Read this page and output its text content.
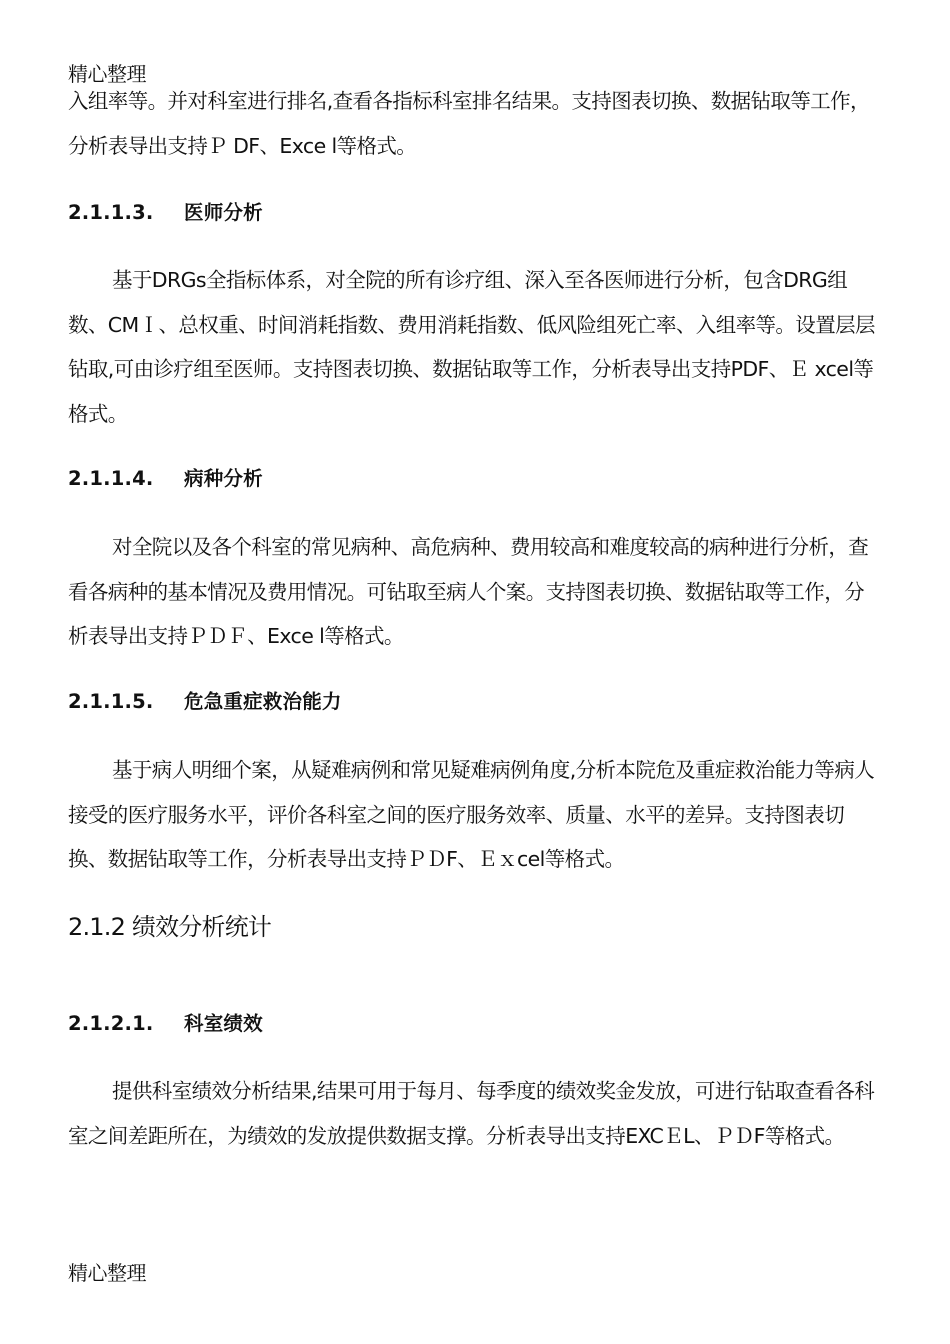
精心整理

入组率等。并对科室进行排名,查看各指标科室排名结果。支持图表切换、数据钻取等工作，分析表导出支持Ｐ DF、Exce l等格式。

2.1.1.3. 医师分析

基于DRGs全指标体系，对全院的所有诊疗组、深入至各医师进行分析，包含DRG组数、CMＩ、总权重、时间消耗指数、费用消耗指数、低风险组死亡率、入组率等。设置层层钻取,可由诊疗组至医师。支持图表切换、数据钻取等工作，分析表导出支持PDF、Ｅ xcel等格式。

2.1.1.4. 病种分析

对全院以及各个科室的常见病种、高危病种、费用较高和难度较高的病种进行分析，查看各病种的基本情况及费用情况。可钻取至病人个案。支持图表切换、数据钻取等工作，分析表导出支持ＰＤＦ、Exce l等格式。

2.1.1.5. 危急重症救治能力

基于病人明细个案，从疑难病例和常见疑难病例角度,分析本院危及重症救治能力等病人接受的医疗服务水平，评价各科室之间的医疗服务效率、质量、水平的差异。支持图表切换、数据钻取等工作，分析表导出支持ＰＤF、Ｅｘcel等格式。

2.1.2 绩效分析统计
2.1.2.1. 科室绩效

提供科室绩效分析结果,结果可用于每月、每季度的绩效奖金发放，可进行钻取查看各科室之间差距所在，为绩效的发放提供数据支撑。分析表导出支持EXCＥL、ＰＤF等格式。

精心整理
